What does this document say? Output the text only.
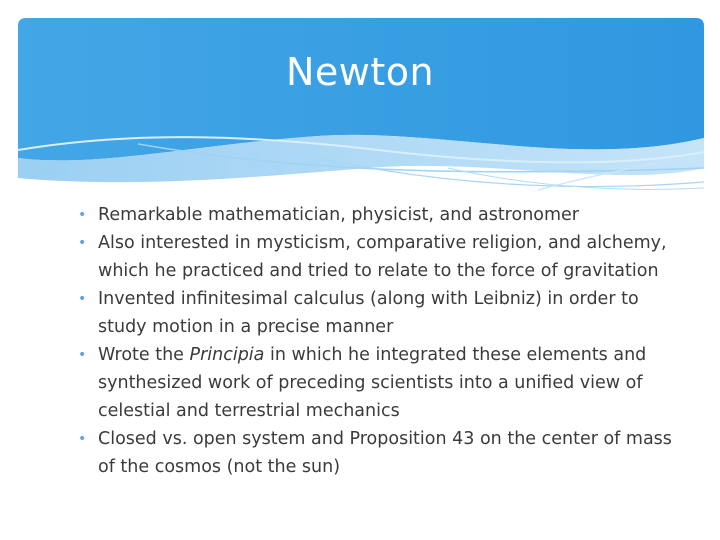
Newton
• Remarkable mathematician, physicist, and astronomer
• Also interested in mysticism, comparative religion, and alchemy, which he practiced and tried to relate to the force of gravitation
• Invented infinitesimal calculus (along with Leibniz) in order to study motion in a precise manner
• Wrote the Principia in which he integrated these elements and synthesized work of preceding scientists into a unified view of celestial and terrestrial mechanics
• Closed vs. open system and Proposition 43 on the center of mass of the cosmos (not the sun)
